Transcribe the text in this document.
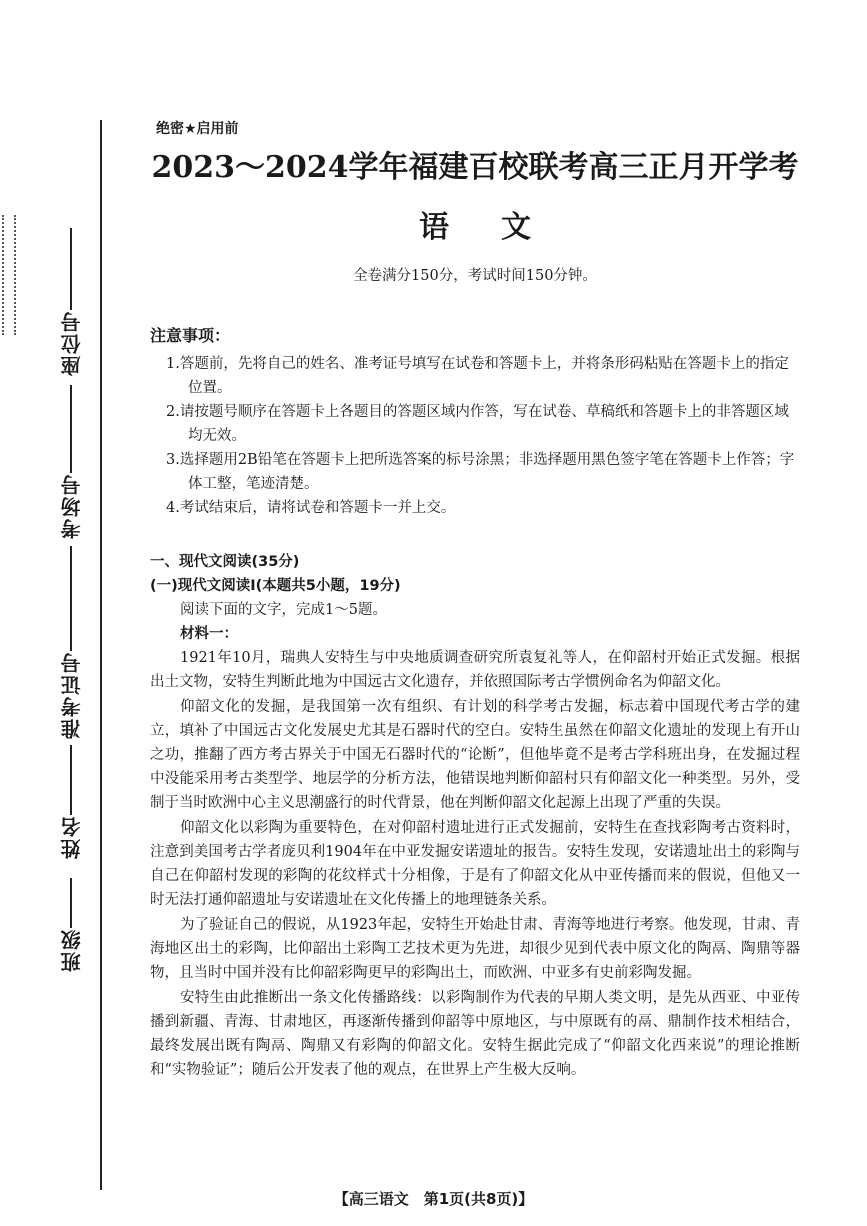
座位号
考场号
准考证号
姓名
班级
绝密★启用前
2023～2024学年福建百校联考高三正月开学考
语文
全卷满分150分，考试时间150分钟。
注意事项：
1.答题前，先将自己的姓名、准考证号填写在试卷和答题卡上，并将条形码粘贴在答题卡上的指定位置。
2.请按题号顺序在答题卡上各题目的答题区域内作答，写在试卷、草稿纸和答题卡上的非答题区域均无效。
3.选择题用2B铅笔在答题卡上把所选答案的标号涂黑；非选择题用黑色签字笔在答题卡上作答；字体工整，笔迹清楚。
4.考试结束后，请将试卷和答题卡一并上交。
一、现代文阅读(35分)
(一)现代文阅读Ⅰ(本题共5小题，19分)
阅读下面的文字，完成1～5题。
材料一：

1921年10月，瑞典人安特生与中央地质调查研究所袁复礼等人，在仰韶村开始正式发掘。根据出土文物，安特生判断此地为中国远古文化遗存，并依照国际考古学惯例命名为仰韶文化。

仰韶文化的发掘，是我国第一次有组织、有计划的科学考古发掘，标志着中国现代考古学的建立，填补了中国远古文化发展史尤其是石器时代的空白。安特生虽然在仰韶文化遗址的发现上有开山之功，推翻了西方考古界关于中国无石器时代的“论断”，但他毕竟不是考古学科班出身，在发掘过程中没能采用考古类型学、地层学的分析方法，他错误地判断仰韶村只有仰韶文化一种类型。另外，受制于当时欧洲中心主义思潮盛行的时代背景，他在判断仰韶文化起源上出现了严重的失误。

仰韶文化以彩陶为重要特色，在对仰韶村遗址进行正式发掘前，安特生在查找彩陶考古资料时，注意到美国考古学者庞贝利1904年在中亚发掘安诺遗址的报告。安特生发现，安诺遗址出土的彩陶与自己在仰韶村发现的彩陶的花纹样式十分相像，于是有了仰韶文化从中亚传播而来的假说，但他又一时无法打通仰韶遗址与安诺遗址在文化传播上的地理链条关系。

为了验证自己的假说，从1923年起，安特生开始赴甘肃、青海等地进行考察。他发现，甘肃、青海地区出土的彩陶，比仰韶出土彩陶工艺技术更为先进，却很少见到代表中原文化的陶鬲、陶鼎等器物，且当时中国并没有比仰韶彩陶更早的彩陶出土，而欧洲、中亚多有史前彩陶发掘。

安特生由此推断出一条文化传播路线：以彩陶制作为代表的早期人类文明，是先从西亚、中亚传播到新疆、青海、甘肃地区，再逐渐传播到仰韶等中原地区，与中原既有的鬲、鼎制作技术相结合，最终发展出既有陶鬲、陶鼎又有彩陶的仰韶文化。安特生据此完成了“仰韶文化西来说”的理论推断和“实物验证”；随后公开发表了他的观点，在世界上产生极大反响。

【高三语文　第1页(共8页)】
